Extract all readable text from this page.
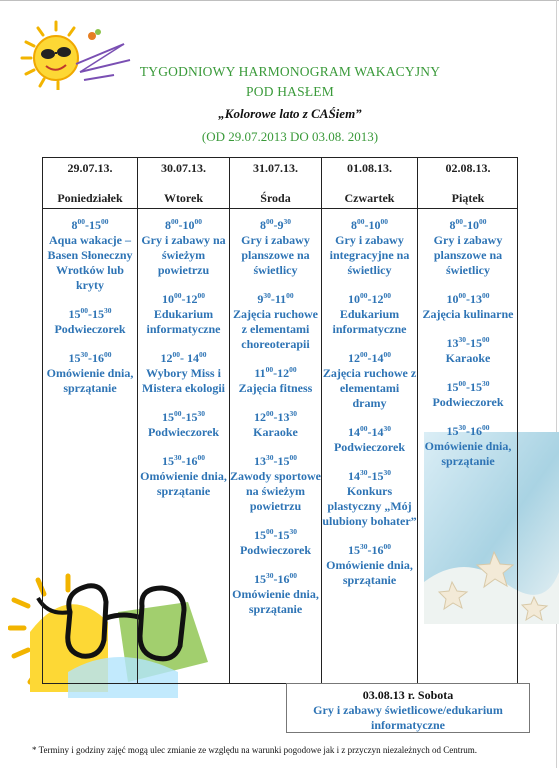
TYGODNIOWY HARMONOGRAM WAKACYJNY
POD HASŁEM
„Kolorowe lato z CAŚiem”
(OD 29.07.2013 DO 03.08. 2013)
29.07.13.
Poniedziałek
$8^{00}-15^{00}$
Aqua wakacje – Basen Słoneczny Wrotków lub kryty
$15^{00}-15^{30}$
Podwieczorek
$15^{30}-16^{00}$
Omówienie dnia, sprzątanie
30.07.13.
Wtorek
$8^{00}-10^{00}$
Gry i zabawy na świeżym powietrzu
$10^{00}-12^{00}$
Edukarium informatyczne
$12^{00}-$ $14^{00}$
Wybory Miss i Mistera ekologii
$15^{00}-15^{30}$
Podwieczorek
$15^{30}-16^{00}$
Omówienie dnia, sprzątanie
31.07.13.
Środa
$8^{00}-9^{30}$
Gry i zabawy planszowe na świetlicy
$9^{30}-11^{00}$
Zajęcia ruchowe z elementami choreoterapii
$11^{00}-12^{00}$
Zajęcia fitness
$12^{00}-13^{30}$
Karaoke
$13^{30}-15^{00}$
Zawody sportowe na świeżym powietrzu
$15^{00}-15^{30}$
Podwieczorek
$15^{30}-16^{00}$
Omówienie dnia, sprzątanie
01.08.13.
Czwartek
$8^{00}-10^{00}$
Gry i zabawy integracyjne na świetlicy
$10^{00}-12^{00}$
Edukarium informatyczne
$12^{00}-14^{00}$
Zajęcia ruchowe z elementami dramy
$14^{00}-14^{30}$
Podwieczorek
$14^{30}-15^{30}$
Konkurs plastyczny „Mój ulubiony bohater”
$15^{30}-16^{00}$
Omówienie dnia, sprzątanie
02.08.13.
Piątek
$8^{00}-10^{00}$
Gry i zabawy planszowe na świetlicy
$10^{00}-13^{00}$
Zajęcia kulinarne
$13^{30}-15^{00}$
Karaoke
$15^{00}-15^{30}$
Podwieczorek
$15^{30}-16^{00}$
Omówienie dnia, sprzątanie
03.08.13 r. Sobota
Gry i zabawy świetlicowe/edukarium informatyczne
* Terminy i godziny zajęć mogą ulec zmianie ze względu na warunki pogodowe jak i z przyczyn niezależnych od Centrum.
